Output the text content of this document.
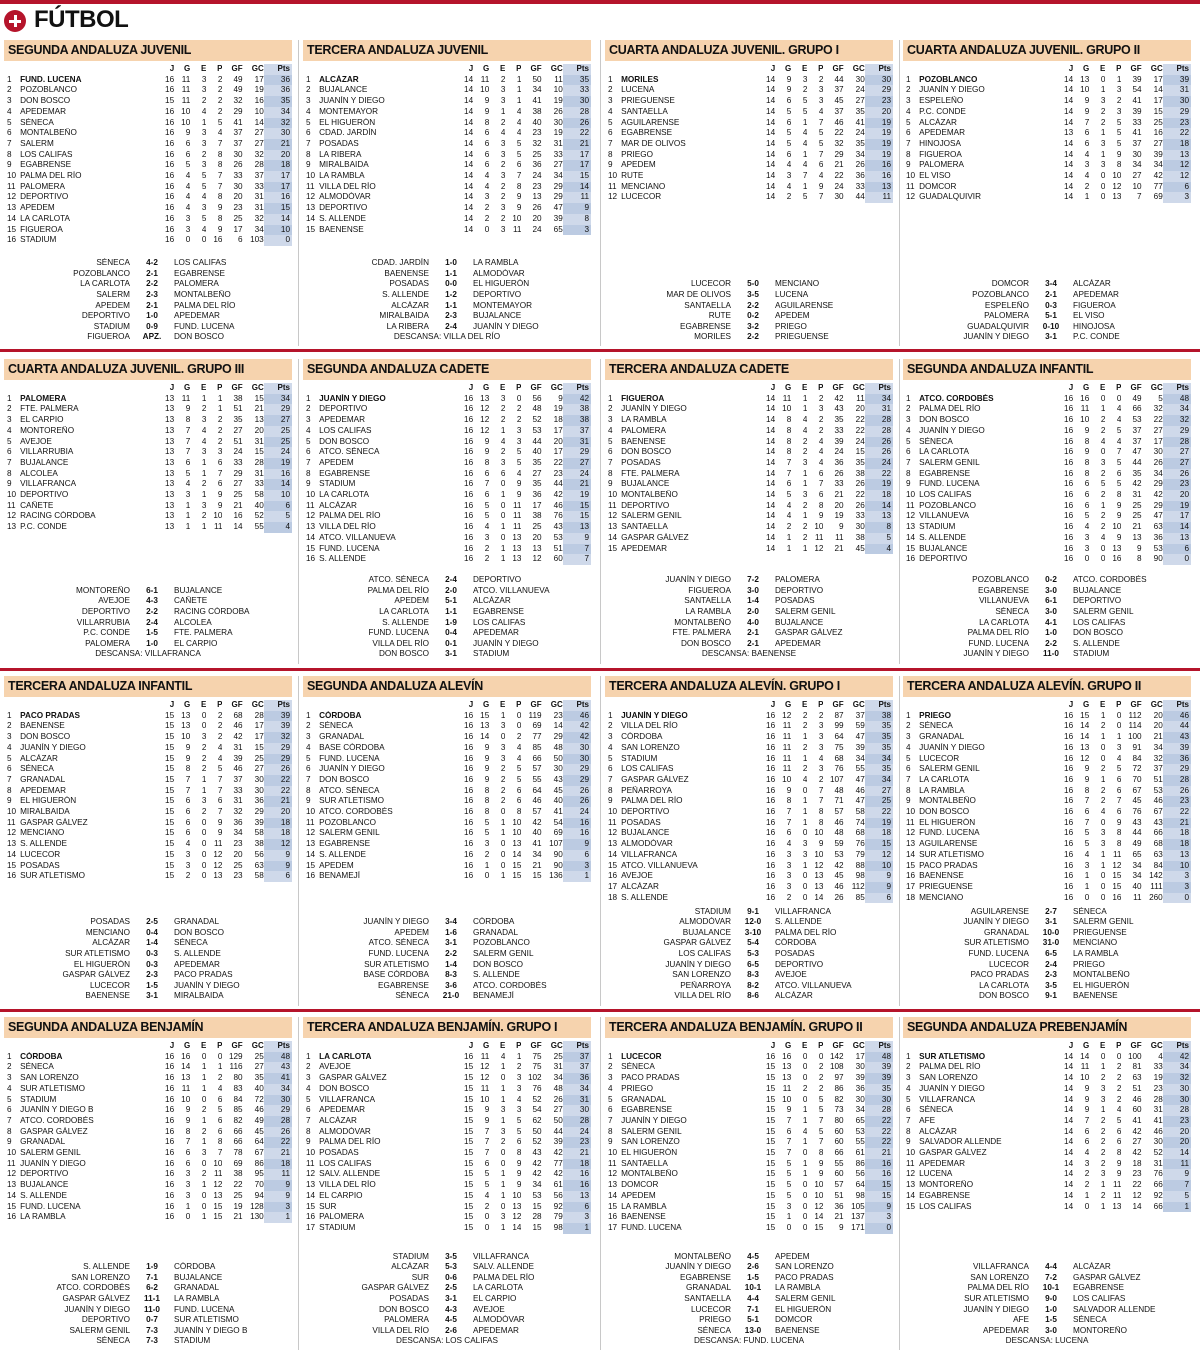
FÚTBOL
SEGUNDA ANDALUZA JUVENIL
		J	G	E	P	GF	GC	Pts
1	FUND. LUCENA	16	11	3	2	49	17	36
2	POZOBLANCO	16	11	3	2	49	19	36
3	DON BOSCO	15	11	2	2	32	16	35
4	APEDEMAR	16	10	4	2	29	10	34
5	SÉNECA	16	10	1	5	41	14	32
6	MONTALBEÑO	16	9	3	4	37	27	30
7	SALERM	16	6	3	7	37	27	21
8	LOS CALIFAS	16	6	2	8	30	32	20
9	EGABRENSE	16	5	3	8	26	28	18
10	PALMA DEL RÍO	16	4	5	7	33	37	17
11	PALOMERA	16	4	5	7	30	33	17
12	DEPORTIVO	16	4	4	8	20	31	16
13	APEDEM	16	4	3	9	23	31	15
14	LA CARLOTA	16	3	5	8	25	32	14
15	FIGUEROA	16	3	4	9	17	34	10
16	STADIUM	16	0	0	16	6	103	0
SÉNECA	4-2	LOS CALIFAS
POZOBLANCO	2-1	EGABRENSE
LA CARLOTA	2-2	PALOMERA
SALERM	2-3	MONTALBEÑO
APEDEM	2-1	PALMA DEL RÍO
DEPORTIVO	1-0	APEDEMAR
STADIUM	0-9	FUND. LUCENA
FIGUEROA	APZ.	DON BOSCO
TERCERA ANDALUZA JUVENIL
		J	G	E	P	GF	GC	Pts
1	ALCÁZAR	14	11	2	1	50	11	35
2	BUJALANCE	14	10	3	1	34	10	33
3	JUANÍN Y DIEGO	14	9	3	1	41	19	30
4	MONTEMAYOR	14	9	1	4	38	26	28
5	EL HIGUERÓN	14	8	2	4	40	30	26
6	CDAD. JARDÍN	14	6	4	4	23	19	22
7	POSADAS	14	6	3	5	32	31	21
8	LA RIBERA	14	6	3	5	25	33	17
9	MIRALBAIDA	14	6	2	6	36	27	17
10	LA RAMBLA	14	4	3	7	24	34	15
11	VILLA DEL RÍO	14	4	2	8	23	29	14
12	ALMODÓVAR	14	3	2	9	13	29	11
13	DEPORTIVO	14	2	3	9	26	47	9
14	S. ALLENDE	14	2	2	10	20	39	8
15	BAENENSE	14	0	3	11	24	65	3
CDAD. JARDÍN	1-0	LA RAMBLA
BAENENSE	1-1	ALMODÓVAR
POSADAS	0-0	EL HIGUERÓN
S. ALLENDE	1-2	DEPORTIVO
ALCÁZAR	1-1	MONTEMAYOR
MIRALBAIDA	2-3	BUJALANCE
LA RIBERA	2-4	JUANÍN Y DIEGO
DESCANSA: VILLA DEL RÍO
CUARTA ANDALUZA JUVENIL. GRUPO I
		J	G	E	P	GF	GC	Pts
1	MORILES	14	9	3	2	44	30	30
2	LUCENA	14	9	2	3	37	24	29
3	PRIEGUENSE	14	6	5	3	45	27	23
4	SANTAELLA	14	5	5	4	37	35	20
5	AGUILARENSE	14	6	1	7	46	41	19
6	EGABRENSE	14	5	4	5	22	24	19
7	MAR DE OLIVOS	14	5	4	5	32	35	19
8	PRIEGO	14	6	1	7	29	34	19
9	APEDEM	14	4	4	6	21	26	16
10	RUTE	14	3	7	4	22	36	16
11	MENCIANO	14	4	1	9	24	33	13
12	LUCECOR	14	2	5	7	30	44	11
LUCECOR	5-0	MENCIANO
MAR DE OLIVOS	3-5	LUCENA
SANTAELLA	2-2	AGUILARENSE
RUTE	0-2	APEDEM
EGABRENSE	3-2	PRIEGO
MORILES	2-2	PRIEGUENSE
CUARTA ANDALUZA JUVENIL. GRUPO II
		J	G	E	P	GF	GC	Pts
1	POZOBLANCO	14	13	0	1	39	17	39
2	JUANÍN Y DIEGO	14	10	1	3	54	14	31
3	ESPELEÑO	14	9	3	2	41	17	30
4	P.C. CONDE	14	9	2	3	39	15	29
5	ALCÁZAR	14	7	2	5	33	25	23
6	APEDEMAR	13	6	1	5	41	16	22
7	HINOJOSA	14	6	3	5	37	27	18
8	FIGUEROA	14	4	1	9	30	39	13
9	PALOMERA	14	3	3	8	34	34	12
10	EL VISO	14	4	0	10	27	42	12
11	DOMCOR	14	2	0	12	10	77	6
12	GUADALQUIVIR	14	1	0	13	7	69	3
DOMCOR	3-4	ALCÁZAR
POZOBLANCO	2-1	APEDEMAR
ESPELEÑO	0-3	FIGUEROA
PALOMERA	5-1	EL VISO
GUADALQUIVIR	0-10	HINOJOSA
JUANÍN Y DIEGO	3-1	P.C. CONDE
CUARTA ANDALUZA JUVENIL. GRUPO III
		J	G	E	P	GF	GC	Pts
1	PALOMERA	13	11	1	1	38	15	34
2	FTE. PALMERA	13	9	2	1	51	21	29
3	EL CARPIO	13	8	3	2	35	13	27
4	MONTOREÑO	13	7	4	2	27	20	25
5	AVEJOE	13	7	4	2	51	31	25
6	VILLARRUBIA	13	7	3	3	24	15	24
7	BUJALANCE	13	6	1	6	33	28	19
8	ALCOLEA	13	5	1	7	29	31	16
9	VILLAFRANCA	13	4	2	6	27	33	14
10	DEPORTIVO	13	3	1	9	25	58	10
11	CAÑETE	13	1	3	9	21	40	6
12	RACING CÓRDOBA	13	1	2	10	16	52	5
13	P.C. CONDE	13	1	1	11	14	55	4
MONTOREÑO	6-1	BUJALANCE
AVEJOE	4-3	CAÑETE
DEPORTIVO	2-2	RACING CÓRDOBA
VILLARRUBIA	2-4	ALCOLEA
P.C. CONDE	1-5	FTE. PALMERA
PALOMERA	1-0	EL CARPIO
DESCANSA: VILLAFRANCA
SEGUNDA ANDALUZA CADETE
		J	G	E	P	GF	GC	Pts
1	JUANÍN Y DIEGO	16	13	3	0	56	9	42
2	DEPORTIVO	16	12	2	2	48	19	38
3	APEDEMAR	16	12	2	2	52	18	38
4	LOS CALIFAS	16	12	1	3	53	17	37
5	DON BOSCO	16	9	4	3	44	20	31
6	ATCO. SÉNECA	16	9	2	5	40	17	29
7	APEDEM	16	8	3	5	35	22	27
8	EGABRENSE	16	6	6	4	27	23	24
9	STADIUM	16	7	0	9	35	44	21
10	LA CARLOTA	16	6	1	9	36	42	19
11	ALCÁZAR	16	5	0	11	17	46	15
12	PALMA DEL RÍO	16	5	0	11	38	76	15
13	VILLA DEL RÍO	16	4	1	11	25	43	13
14	ATCO. VILLANUEVA	16	3	0	13	20	53	9
15	FUND. LUCENA	16	2	1	13	13	51	7
16	S. ALLENDE	16	2	1	13	12	60	7
ATCO. SÉNECA	2-4	DEPORTIVO
PALMA DEL RÍO	2-0	ATCO. VILLANUEVA
APEDEM	5-1	ALCÁZAR
LA CARLOTA	1-1	EGABRENSE
S. ALLENDE	1-9	LOS CALIFAS
FUND. LUCENA	0-4	APEDEMAR
VILLA DEL RÍO	0-1	JUANÍN Y DIEGO
DON BOSCO	3-1	STADIUM
TERCERA ANDALUZA CADETE
		J	G	E	P	GF	GC	Pts
1	FIGUEROA	14	11	1	2	42	11	34
2	JUANÍN Y DIEGO	14	10	1	3	43	20	31
3	LA RAMBLA	14	8	4	2	35	22	28
4	PALOMERA	14	8	4	2	33	22	28
5	BAENENSE	14	8	2	4	39	24	26
6	DON BOSCO	14	8	2	4	24	15	26
7	POSADAS	14	7	3	4	36	35	24
8	FTE. PALMERA	14	7	1	6	26	38	22
9	BUJALANCE	14	6	1	7	33	26	19
10	MONTALBEÑO	14	5	3	6	21	22	18
11	DEPORTIVO	14	4	2	8	20	26	14
12	SALERM GENIL	14	4	1	9	19	33	13
13	SANTAELLA	14	2	2	10	9	30	8
14	GASPAR GÁLVEZ	14	1	2	11	11	38	5
15	APEDEMAR	14	1	1	12	21	45	4
JUANÍN Y DIEGO	7-2	PALOMERA
FIGUEROA	3-0	DEPORTIVO
SANTAELLA	1-4	POSADAS
LA RAMBLA	2-0	SALERM GENIL
MONTALBEÑO	4-0	BUJALANCE
FTE. PALMERA	2-1	GASPAR GÁLVEZ
DON BOSCO	2-1	APEDEMAR
DESCANSA: BAENENSE
SEGUNDA ANDALUZA INFANTIL
		J	G	E	P	GF	GC	Pts
1	ATCO. CORDOBÉS	16	16	0	0	49	5	48
2	PALMA DEL RÍO	16	11	1	4	66	32	34
3	DON BOSCO	16	10	2	4	53	22	32
4	JUANÍN Y DIEGO	16	9	2	5	37	27	29
5	SÉNECA	16	8	4	4	37	17	28
6	LA CARLOTA	16	9	0	7	47	30	27
7	SALERM GENIL	16	8	3	5	44	26	27
8	EGABRENSE	16	8	2	6	35	34	26
9	FUND. LUCENA	16	6	5	5	42	29	23
10	LOS CALIFAS	16	6	2	8	31	42	20
11	POZOBLANCO	16	6	1	9	25	29	19
12	VILLANUEVA	16	5	2	9	25	47	17
13	STADIUM	16	4	2	10	21	63	14
14	S. ALLENDE	16	3	4	9	13	36	13
15	BUJALANCE	16	3	0	13	9	53	6
16	DEPORTIVO	16	0	0	16	8	90	0
POZOBLANCO	0-2	ATCO. CORDOBÉS
EGABRENSE	3-0	BUJALANCE
VILLANUEVA	6-1	DEPORTIVO
SÉNECA	3-0	SALERM GENIL
LA CARLOTA	4-1	LOS CALIFAS
PALMA DEL RÍO	1-0	DON BOSCO
FUND. LUCENA	2-2	S. ALLENDE
JUANÍN Y DIEGO	11-0	STADIUM
TERCERA ANDALUZA INFANTIL
		J	G	E	P	GF	GC	Pts
1	PACO PRADAS	15	13	0	2	68	28	39
2	BAENENSE	15	13	0	2	46	17	39
3	DON BOSCO	15	10	3	2	42	17	32
4	JUANÍN Y DIEGO	15	9	2	4	31	15	29
5	ALCÁZAR	15	9	2	4	39	25	29
6	SÉNECA	15	8	2	5	46	27	26
7	GRANADAL	15	7	1	7	37	30	22
8	APEDEMAR	15	7	1	7	33	30	22
9	EL HIGUERÓN	15	6	3	6	31	36	21
10	MIRALBAIDA	15	6	2	7	32	29	20
11	GASPAR GÁLVEZ	15	6	0	9	36	39	18
12	MENCIANO	15	6	0	9	34	58	18
13	S. ALLENDE	15	4	0	11	23	38	12
14	LUCECOR	15	3	0	12	20	56	9
15	POSADAS	15	3	0	12	25	63	9
16	SUR ATLETISMO	15	2	0	13	23	58	6
POSADAS	2-5	GRANADAL
MENCIANO	0-4	DON BOSCO
ALCÁZAR	1-4	SÉNECA
SUR ATLETISMO	0-3	S. ALLENDE
EL HIGUERÓN	0-3	APEDEMAR
GASPAR GÁLVEZ	2-3	PACO PRADAS
LUCECOR	1-5	JUANÍN Y DIEGO
BAENENSE	3-1	MIRALBAIDA
SEGUNDA ANDALUZA ALEVÍN
		J	G	E	P	GF	GC	Pts
1	CÓRDOBA	16	15	1	0	119	23	46
2	SÉNECA	16	13	3	0	69	14	42
3	GRANADAL	16	14	0	2	77	29	42
4	BASE CÓRDOBA	16	9	3	4	85	48	30
5	FUND. LUCENA	16	9	3	4	66	50	30
6	JUANÍN Y DIEGO	16	9	2	5	57	30	29
7	DON BOSCO	16	9	2	5	55	43	29
8	ATCO. SÉNECA	16	8	2	6	64	45	26
9	SUR ATLETISMO	16	8	2	6	46	40	26
10	ATCO. CORDOBÉS	16	8	0	8	57	41	24
11	POZOBLANCO	16	5	1	10	42	54	16
12	SALERM GENIL	16	5	1	10	40	69	16
13	EGABRENSE	16	3	0	13	41	107	9
14	S. ALLENDE	16	2	0	14	34	90	6
15	APEDEM	16	1	0	15	21	90	3
16	BENAMEJÍ	16	0	1	15	15	136	1
JUANÍN Y DIEGO	3-4	CÓRDOBA
APEDEM	1-6	GRANADAL
ATCO. SÉNECA	3-1	POZOBLANCO
FUND. LUCENA	2-2	SALERM GENIL
SUR ATLETISMO	1-4	DON BOSCO
BASE CÓRDOBA	8-3	S. ALLENDE
EGABRENSE	3-6	ATCO. CORDOBÉS
SÉNECA	21-0	BENAMEJÍ
TERCERA ANDALUZA ALEVÍN. GRUPO I
		J	G	E	P	GF	GC	Pts
1	JUANÍN Y DIEGO	16	12	2	2	87	37	38
2	VILLA DEL RÍO	16	11	2	3	99	59	35
3	CÓRDOBA	16	11	1	3	64	47	35
4	SAN LORENZO	16	11	2	3	75	39	35
5	STADIUM	16	11	1	4	68	34	34
6	LOS CALIFAS	16	11	2	3	76	55	35
7	GASPAR GÁLVEZ	16	10	4	2	107	47	34
8	PEÑARROYA	16	9	0	7	48	46	27
9	PALMA DEL RÍO	16	8	1	7	71	47	25
10	DEPORTIVO	16	7	1	8	57	58	22
11	POSADAS	16	7	1	8	46	74	19
12	BUJALANCE	16	6	0	10	48	68	18
13	ALMODÓVAR	16	4	3	9	59	76	15
14	VILLAFRANCA	16	3	3	10	53	79	12
15	ATCO. VILLANUEVA	16	3	1	12	42	88	10
16	AVEJOE	16	3	0	13	45	98	9
17	ALCÁZAR	16	3	0	13	46	112	9
18	S. ALLENDE	16	2	0	14	26	85	6
STADIUM	9-1	VILLAFRANCA
ALMODÓVAR	12-0	S. ALLENDE
BUJALANCE	3-10	PALMA DEL RÍO
GASPAR GÁLVEZ	5-4	CÓRDOBA
LOS CALIFAS	5-3	POSADAS
JUANÍN Y DIEGO	6-5	DEPORTIVO
SAN LORENZO	8-3	AVEJOE
PEÑARROYA	8-2	ATCO. VILLANUEVA
VILLA DEL RÍO	8-6	ALCÁZAR
TERCERA ANDALUZA ALEVÍN. GRUPO II
		J	G	E	P	GF	GC	Pts
1	PRIEGO	16	15	1	0	112	20	46
2	SÉNECA	16	14	2	0	114	20	44
3	GRANADAL	16	14	1	1	100	21	43
4	JUANÍN Y DIEGO	16	13	0	3	91	34	39
5	LUCECOR	16	12	0	4	84	32	36
6	SALERM GENIL	16	9	2	5	72	37	29
7	LA CARLOTA	16	9	1	6	70	51	28
8	LA RAMBLA	16	8	2	6	67	53	26
9	MONTALBEÑO	16	7	2	7	45	46	23
10	DON BOSCO	16	6	4	6	76	67	22
11	EL HIGUERÓN	16	7	0	9	43	43	21
12	FUND. LUCENA	16	5	3	8	44	66	18
13	AGUILARENSE	16	5	3	8	49	68	18
14	SUR ATLETISMO	16	4	1	11	65	63	13
15	PACO PRADAS	16	3	1	12	34	84	10
16	BAENENSE	16	1	0	15	34	142	3
17	PRIEGUENSE	16	1	0	15	40	111	3
18	MENCIANO	16	0	0	16	11	260	0
AGUILARENSE	2-7	SÉNECA
JUANÍN Y DIEGO	3-1	SALERM GENIL
GRANADAL	10-0	PRIEGUENSE
SUR ATLETISMO	31-0	MENCIANO
FUND. LUCENA	6-5	LA RAMBLA
LUCECOR	2-4	PRIEGO
PACO PRADAS	2-3	MONTALBEÑO
LA CARLOTA	3-5	EL HIGUERÓN
DON BOSCO	9-1	BAENENSE
SEGUNDA ANDALUZA BENJAMÍN
		J	G	E	P	GF	GC	Pts
1	CÓRDOBA	16	16	0	0	129	25	48
2	SÉNECA	16	14	1	1	116	27	43
3	SAN LORENZO	16	13	1	2	80	35	41
4	SUR ATLETISMO	16	11	1	4	83	40	34
5	STADIUM	16	10	0	6	84	72	30
6	JUANÍN Y DIEGO B	16	9	2	5	85	46	29
7	ATCO. CORDOBÉS	16	9	1	6	82	49	28
8	GASPAR GÁLVEZ	16	8	2	6	66	45	26
9	GRANADAL	16	7	1	8	66	64	22
10	SALERM GENIL	16	6	3	7	78	67	21
11	JUANÍN Y DIEGO	16	6	0	10	69	86	18
12	DEPORTIVO	16	3	2	11	38	95	11
13	BUJALANCE	16	3	1	12	22	70	9
14	S. ALLENDE	16	3	0	13	25	94	9
15	FUND. LUCENA	16	1	0	15	19	128	3
16	LA RAMBLA	16	0	1	15	21	130	1
S. ALLENDE	1-9	CÓRDOBA
SAN LORENZO	7-1	BUJALANCE
ATCO. CORDOBÉS	6-2	GRANADAL
GASPAR GÁLVEZ	11-1	LA RAMBLA
JUANÍN Y DIEGO	11-0	FUND. LUCENA
DEPORTIVO	0-7	SUR ATLETISMO
SALERM GENIL	7-3	JUANÍN Y DIEGO B
SÉNECA	7-3	STADIUM
TERCERA ANDALUZA BENJAMÍN. GRUPO I
		J	G	E	P	GF	GC	Pts
1	LA CARLOTA	16	11	4	1	75	25	37
2	AVEJOE	15	12	1	2	75	31	37
3	GASPAR GÁLVEZ	15	12	0	3	102	34	36
4	DON BOSCO	15	11	1	3	76	48	34
5	VILLAFRANCA	15	10	1	4	52	26	31
6	APEDEMAR	15	9	3	3	54	27	30
7	ALCÁZAR	15	9	1	5	62	50	28
8	ALMODÓVAR	15	7	3	5	50	44	24
9	PALMA DEL RÍO	15	7	2	6	52	39	23
10	POSADAS	15	7	0	8	43	42	21
11	LOS CALIFAS	15	6	0	9	42	77	18
12	SALV. ALLENDE	15	5	1	9	42	42	16
13	VILLA DEL RÍO	15	5	1	9	34	61	16
14	EL CARPIO	15	4	1	10	53	56	13
15	SUR	15	2	0	13	15	92	6
16	PALOMERA	15	0	3	12	28	79	3
17	STADIUM	15	0	1	14	15	98	1
STADIUM	3-5	VILLAFRANCA
ALCÁZAR	5-3	SALV. ALLENDE
SUR	0-6	PALMA DEL RÍO
GASPAR GÁLVEZ	2-5	LA CARLOTA
POSADAS	3-1	EL CARPIO
DON BOSCO	4-3	AVEJOE
PALOMERA	4-5	ALMODÓVAR
VILLA DEL RÍO	2-6	APEDEMAR
DESCANSA: LOS CALIFAS
TERCERA ANDALUZA BENJAMÍN. GRUPO II
		J	G	E	P	GF	GC	Pts
1	LUCECOR	16	16	0	0	142	17	48
2	SÉNECA	15	13	0	2	108	30	39
3	PACO PRADAS	15	13	0	2	97	39	39
4	PRIEGO	15	11	2	2	86	36	35
5	GRANADAL	15	10	0	5	82	30	30
6	EGABRENSE	15	9	1	5	73	34	28
7	JUANÍN Y DIEGO	15	7	1	7	80	65	22
8	SALERM GENIL	15	6	4	5	60	53	22
9	SAN LORENZO	15	7	1	7	60	55	22
10	EL HIGUERÓN	15	7	0	8	66	61	21
11	SANTAELLA	15	5	1	9	55	86	16
12	MONTALBEÑO	15	5	1	9	60	56	16
13	DOMCOR	15	5	0	10	57	64	15
14	APEDEM	15	5	0	10	51	98	15
15	LA RAMBLA	15	3	0	12	36	105	9
16	BAENENSE	15	1	0	14	21	137	3
17	FUND. LUCENA	15	0	0	15	9	171	0
MONTALBEÑO	4-5	APEDEM
JUANÍN Y DIEGO	2-6	SAN LORENZO
EGABRENSE	1-5	PACO PRADAS
GRANADAL	10-1	LA RAMBLA
SANTAELLA	4-4	SALERM GENIL
LUCECOR	7-1	EL HIGUERÓN
PRIEGO	5-1	DOMCOR
SÉNECA	13-0	BAENENSE
DESCANSA: FUND. LUCENA
SEGUNDA ANDALUZA PREBENJAMÍN
		J	G	E	P	GF	GC	Pts
1	SUR ATLETISMO	14	14	0	0	100	4	42
2	PALMA DEL RÍO	14	11	1	2	81	33	34
3	SAN LORENZO	14	10	2	2	63	19	32
4	JUANÍN Y DIEGO	14	9	3	2	51	23	30
5	VILLAFRANCA	14	9	3	2	46	28	30
6	SÉNECA	14	9	1	4	60	31	28
7	AFE	14	7	2	5	41	41	23
8	ALCÁZAR	14	6	2	6	42	46	20
9	SALVADOR ALLENDE	14	6	2	6	27	30	20
10	GASPAR GÁLVEZ	14	4	2	8	42	52	14
11	APEDEMAR	14	3	2	9	18	31	11
12	LUCENA	14	2	3	9	23	76	9
13	MONTOREÑO	14	2	1	11	22	66	7
14	EGABRENSE	14	1	2	11	12	92	5
15	LOS CALIFAS	14	0	1	13	14	66	1
VILLAFRANCA	4-4	ALCÁZAR
SAN LORENZO	7-2	GASPAR GÁLVEZ
PALMA DEL RÍO	10-1	EGABRENSE
SUR ATLETISMO	9-0	LOS CALIFAS
JUANÍN Y DIEGO	1-0	SALVADOR ALLENDE
AFE	1-5	SÉNECA
APEDEMAR	3-0	MONTOREÑO
DESCANSA: LUCENA
